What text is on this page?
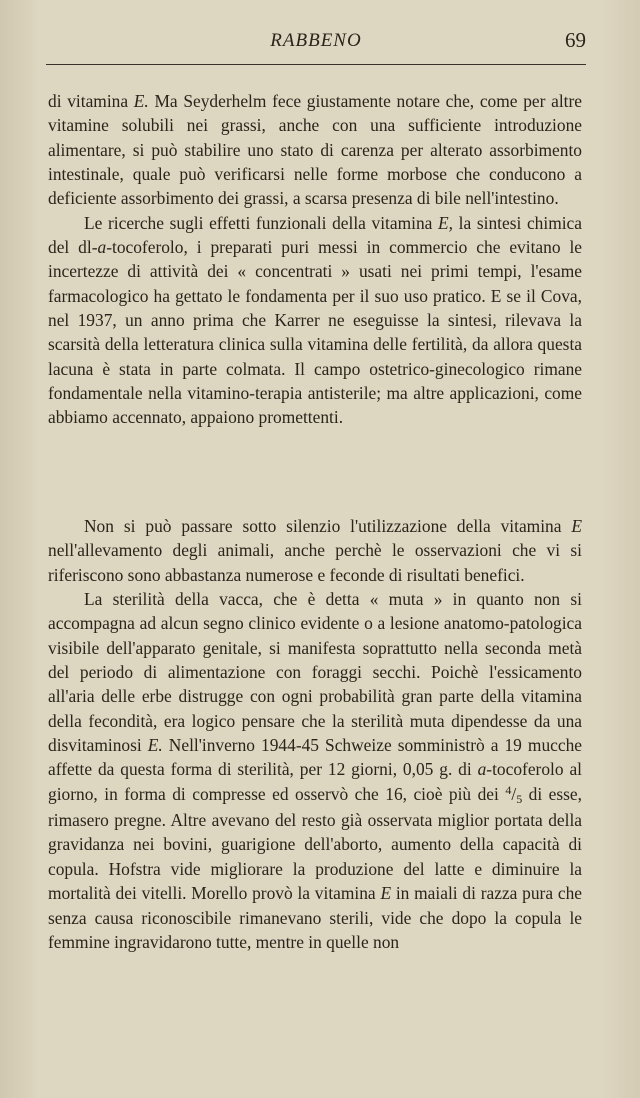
RABBENO	69

di vitamina E. Ma Seyderhelm fece giustamente notare che, come per altre vitamine solubili nei grassi, anche con una sufficiente introduzione alimentare, si può stabilire uno stato di carenza per alterato assorbimento intestinale, quale può verificarsi nelle forme morbose che conducono a deficiente assorbimento dei grassi, a scarsa presenza di bile nell'intestino.

Le ricerche sugli effetti funzionali della vitamina E, la sintesi chimica del dl-a-tocoferolo, i preparati puri messi in commercio che evitano le incertezze di attività dei « concentrati » usati nei primi tempi, l'esame farmacologico ha gettato le fondamenta per il suo uso pratico. E se il Cova, nel 1937, un anno prima che Karrer ne eseguisse la sintesi, rilevava la scarsità della letteratura clinica sulla vitamina delle fertilità, da allora questa lacuna è stata in parte colmata. Il campo ostetrico-ginecologico rimane fondamentale nella vitamino-terapia antisterile; ma altre applicazioni, come abbiamo accennato, appaiono promettenti.

Non si può passare sotto silenzio l'utilizzazione della vitamina E nell'allevamento degli animali, anche perchè le osservazioni che vi si riferiscono sono abbastanza numerose e feconde di risultati benefici.

La sterilità della vacca, che è detta « muta » in quanto non si accompagna ad alcun segno clinico evidente o a lesione anatomo-patologica visibile dell'apparato genitale, si manifesta soprattutto nella seconda metà del periodo di alimentazione con foraggi secchi. Poichè l'essicamento all'aria delle erbe distrugge con ogni probabilità gran parte della vitamina della fecondità, era logico pensare che la sterilità muta dipendesse da una disvitaminosi E. Nell'inverno 1944-45 Schweize somministrò a 19 mucche affette da questa forma di sterilità, per 12 giorni, 0,05 g. di a-tocoferolo al giorno, in forma di compresse ed osservò che 16, cioè più dei $^4$/5 di esse, rimasero pregne. Altre avevano del resto già osservata miglior portata della gravidanza nei bovini, guarigione dell'aborto, aumento della capacità di copula. Hofstra vide migliorare la produzione del latte e diminuire la mortalità dei vitelli. Morello provò la vitamina E in maiali di razza pura che senza causa riconoscibile rimanevano sterili, vide che dopo la copula le femmine ingravidarono tutte, mentre in quelle non
